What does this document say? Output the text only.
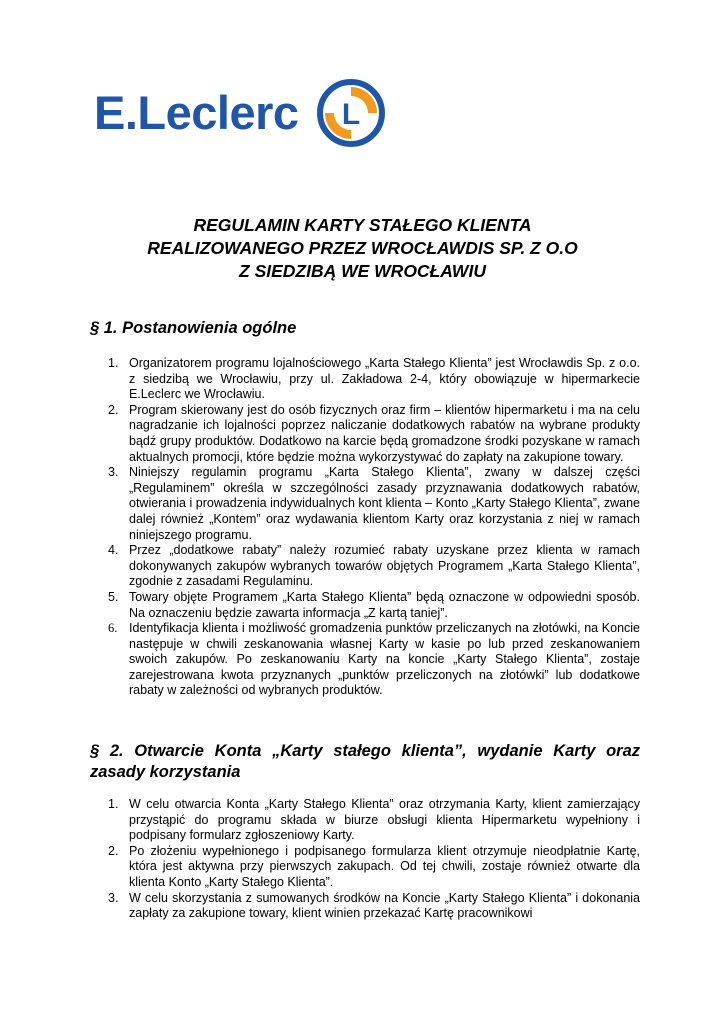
E.Leclerc L
REGULAMIN KARTY STAŁEGO KLIENTA
REALIZOWANEGO PRZEZ WROCŁAWDIS SP. Z O.O
Z SIEDZIBĄ WE WROCŁAWIU
§ 1. Postanowienia ogólne
1. Organizatorem programu lojalnościowego „Karta Stałego Klienta” jest Wrocławdis Sp. z o.o. z siedzibą we Wrocławiu, przy ul. Zakładowa 2-4, który obowiązuje w hipermarkecie E.Leclerc we Wrocławiu.
2. Program skierowany jest do osób fizycznych oraz firm – klientów hipermarketu i ma na celu nagradzanie ich lojalności poprzez naliczanie dodatkowych rabatów na wybrane produkty bądź grupy produktów. Dodatkowo na karcie będą gromadzone środki pozyskane w ramach aktualnych promocji, które będzie można wykorzystywać do zapłaty na zakupione towary.
3. Niniejszy regulamin programu „Karta Stałego Klienta”, zwany w dalszej części „Regulaminem” określa w szczególności zasady przyznawania dodatkowych rabatów, otwierania i prowadzenia indywidualnych kont klienta – Konto „Karty Stałego Klienta”, zwane dalej również „Kontem” oraz wydawania klientom Karty oraz korzystania z niej w ramach niniejszego programu.
4. Przez „dodatkowe rabaty” należy rozumieć rabaty uzyskane przez klienta w ramach dokonywanych zakupów wybranych towarów objętych Programem „Karta Stałego Klienta”, zgodnie z zasadami Regulaminu.
5. Towary objęte Programem „Karta Stałego Klienta” będą oznaczone w odpowiedni sposób. Na oznaczeniu będzie zawarta informacja „Z kartą taniej”.
6. Identyfikacja klienta i możliwość gromadzenia punktów przeliczanych na złotówki, na Koncie następuje w chwili zeskanowania własnej Karty w kasie po lub przed zeskanowaniem swoich zakupów. Po zeskanowaniu Karty na koncie „Karty Stałego Klienta”, zostaje zarejestrowana kwota przyznanych „punktów przeliczonych na złotówki” lub dodatkowe rabaty w zależności od wybranych produktów.
§ 2. Otwarcie Konta „Karty stałego klienta”, wydanie Karty oraz zasady korzystania
1. W celu otwarcia Konta „Karty Stałego Klienta” oraz otrzymania Karty, klient zamierzający przystąpić do programu składa w biurze obsługi klienta Hipermarketu wypełniony i podpisany formularz zgłoszeniowy Karty.
2. Po złożeniu wypełnionego i podpisanego formularza klient otrzymuje nieodpłatnie Kartę, która jest aktywna przy pierwszych zakupach. Od tej chwili, zostaje również otwarte dla klienta Konto „Karty Stałego Klienta”.
3. W celu skorzystania z sumowanych środków na Koncie „Karty Stałego Klienta” i dokonania zapłaty za zakupione towary, klient winien przekazać Kartę pracownikowi
